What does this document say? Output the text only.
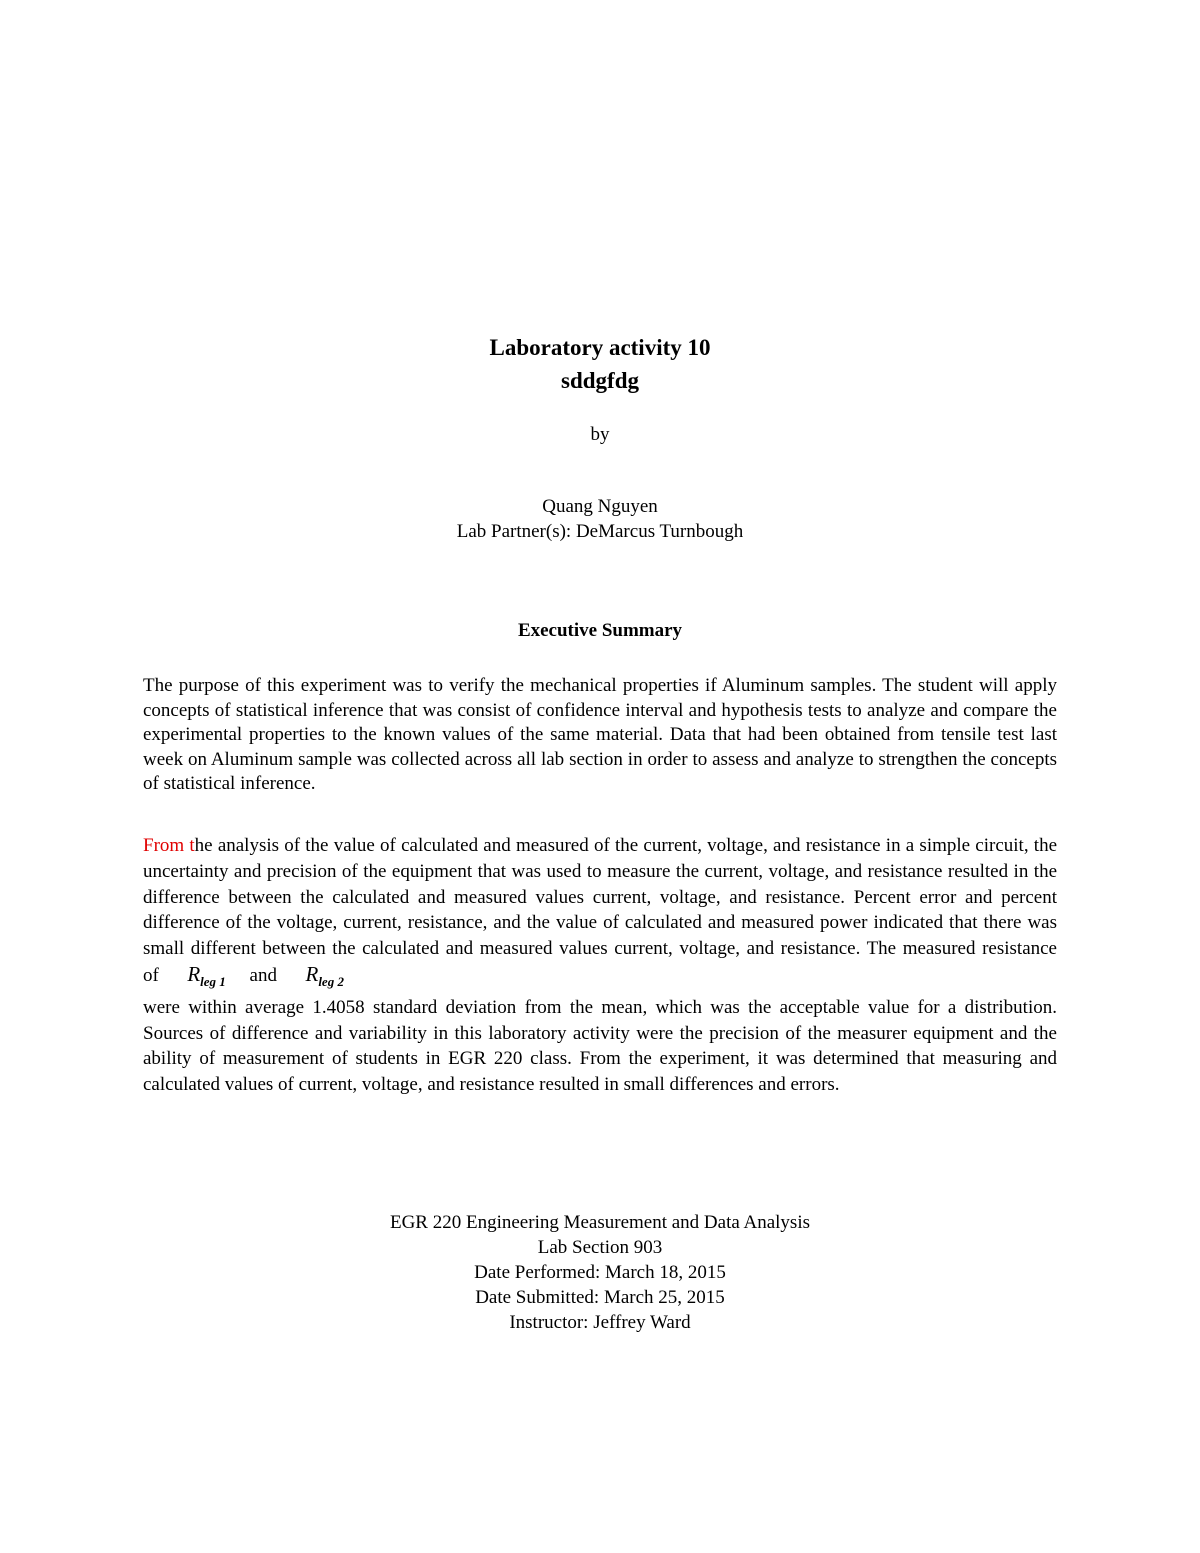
Laboratory activity 10
sddgfdg
by
Quang Nguyen
Lab Partner(s): DeMarcus Turnbough
Executive Summary
The purpose of this experiment was to verify the mechanical properties if Aluminum samples. The student will apply concepts of statistical inference that was consist of confidence interval and hypothesis tests to analyze and compare the experimental properties to the known values of the same material. Data that had been obtained from tensile test last week on Aluminum sample was collected across all lab section in order to assess and analyze to strengthen the concepts of statistical inference.
From the analysis of the value of calculated and measured of the current, voltage, and resistance in a simple circuit, the uncertainty and precision of the equipment that was used to measure the current, voltage, and resistance resulted in the difference between the calculated and measured values current, voltage, and resistance. Percent error and percent difference of the voltage, current, resistance, and the value of calculated and measured power indicated that there was small different between the calculated and measured values current, voltage, and resistance. The measured resistance of $R_{leg 1}$ and $R_{leg 2}$
were within average 1.4058 standard deviation from the mean, which was the acceptable value for a distribution. Sources of difference and variability in this laboratory activity were the precision of the measurer equipment and the ability of measurement of students in EGR 220 class. From the experiment, it was determined that measuring and calculated values of current, voltage, and resistance resulted in small differences and errors.
EGR 220 Engineering Measurement and Data Analysis
Lab Section 903
Date Performed: March 18, 2015
Date Submitted: March 25, 2015
Instructor: Jeffrey Ward
